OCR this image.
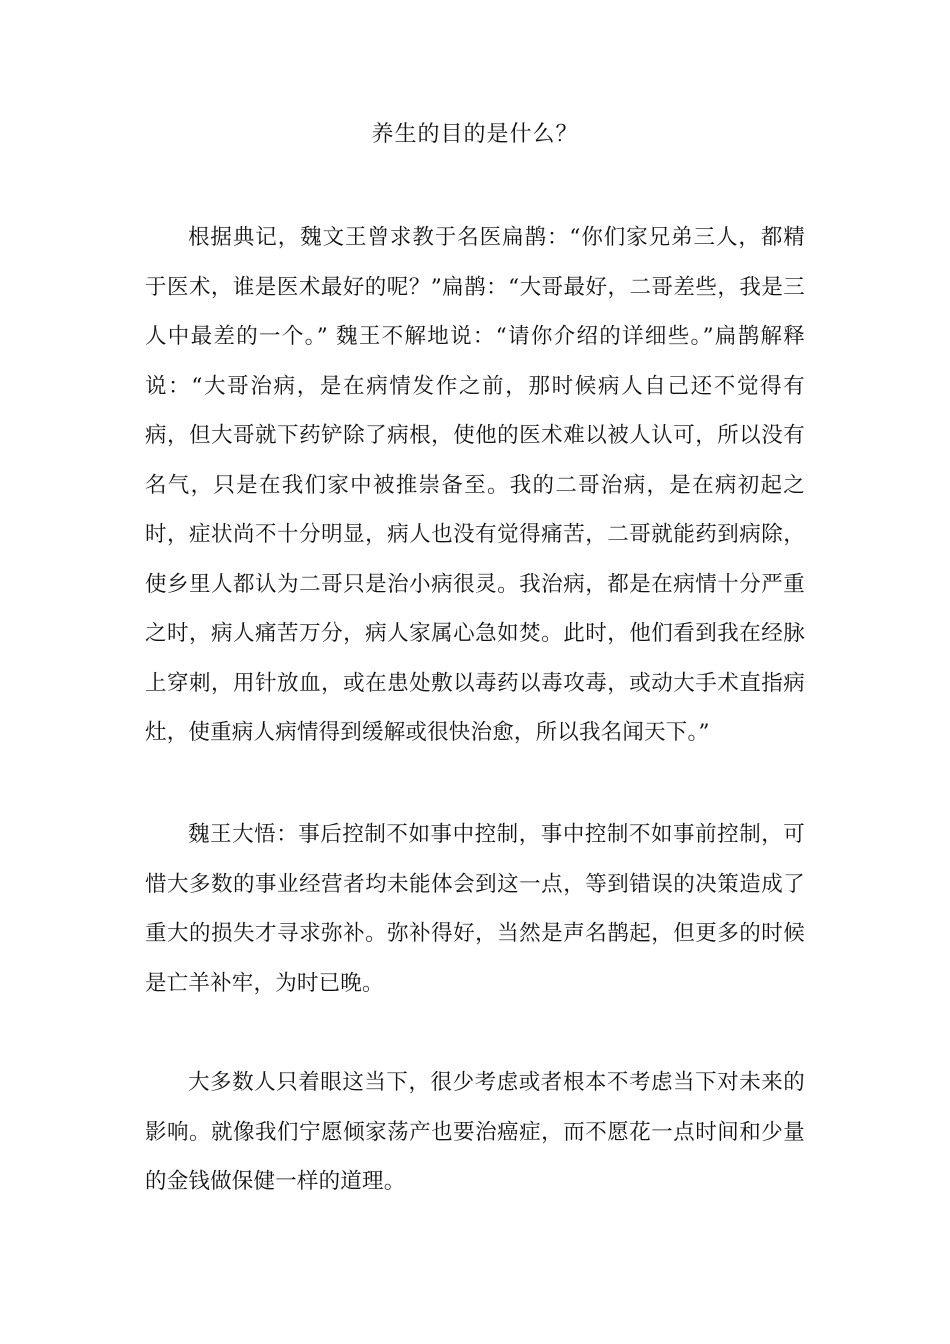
养生的目的是什么？

根据典记，魏文王曾求教于名医扁鹊：“你们家兄弟三人，都精于医术，谁是医术最好的呢？”扁鹊：“大哥最好，二哥差些，我是三人中最差的一个。” 魏王不解地说：“请你介绍的详细些。”扁鹊解释说：“大哥治病，是在病情发作之前，那时候病人自己还不觉得有病，但大哥就下药铲除了病根，使他的医术难以被人认可，所以没有名气，只是在我们家中被推崇备至。我的二哥治病，是在病初起之时，症状尚不十分明显，病人也没有觉得痛苦，二哥就能药到病除，使乡里人都认为二哥只是治小病很灵。我治病，都是在病情十分严重之时，病人痛苦万分，病人家属心急如焚。此时，他们看到我在经脉上穿刺，用针放血，或在患处敷以毒药以毒攻毒，或动大手术直指病灶，使重病人病情得到缓解或很快治愈，所以我名闻天下。”

魏王大悟：事后控制不如事中控制，事中控制不如事前控制，可惜大多数的事业经营者均未能体会到这一点，等到错误的决策造成了重大的损失才寻求弥补。弥补得好，当然是声名鹊起，但更多的时候是亡羊补牢，为时已晚。

大多数人只着眼这当下，很少考虑或者根本不考虑当下对未来的影响。就像我们宁愿倾家荡产也要治癌症，而不愿花一点时间和少量的金钱做保健一样的道理。
